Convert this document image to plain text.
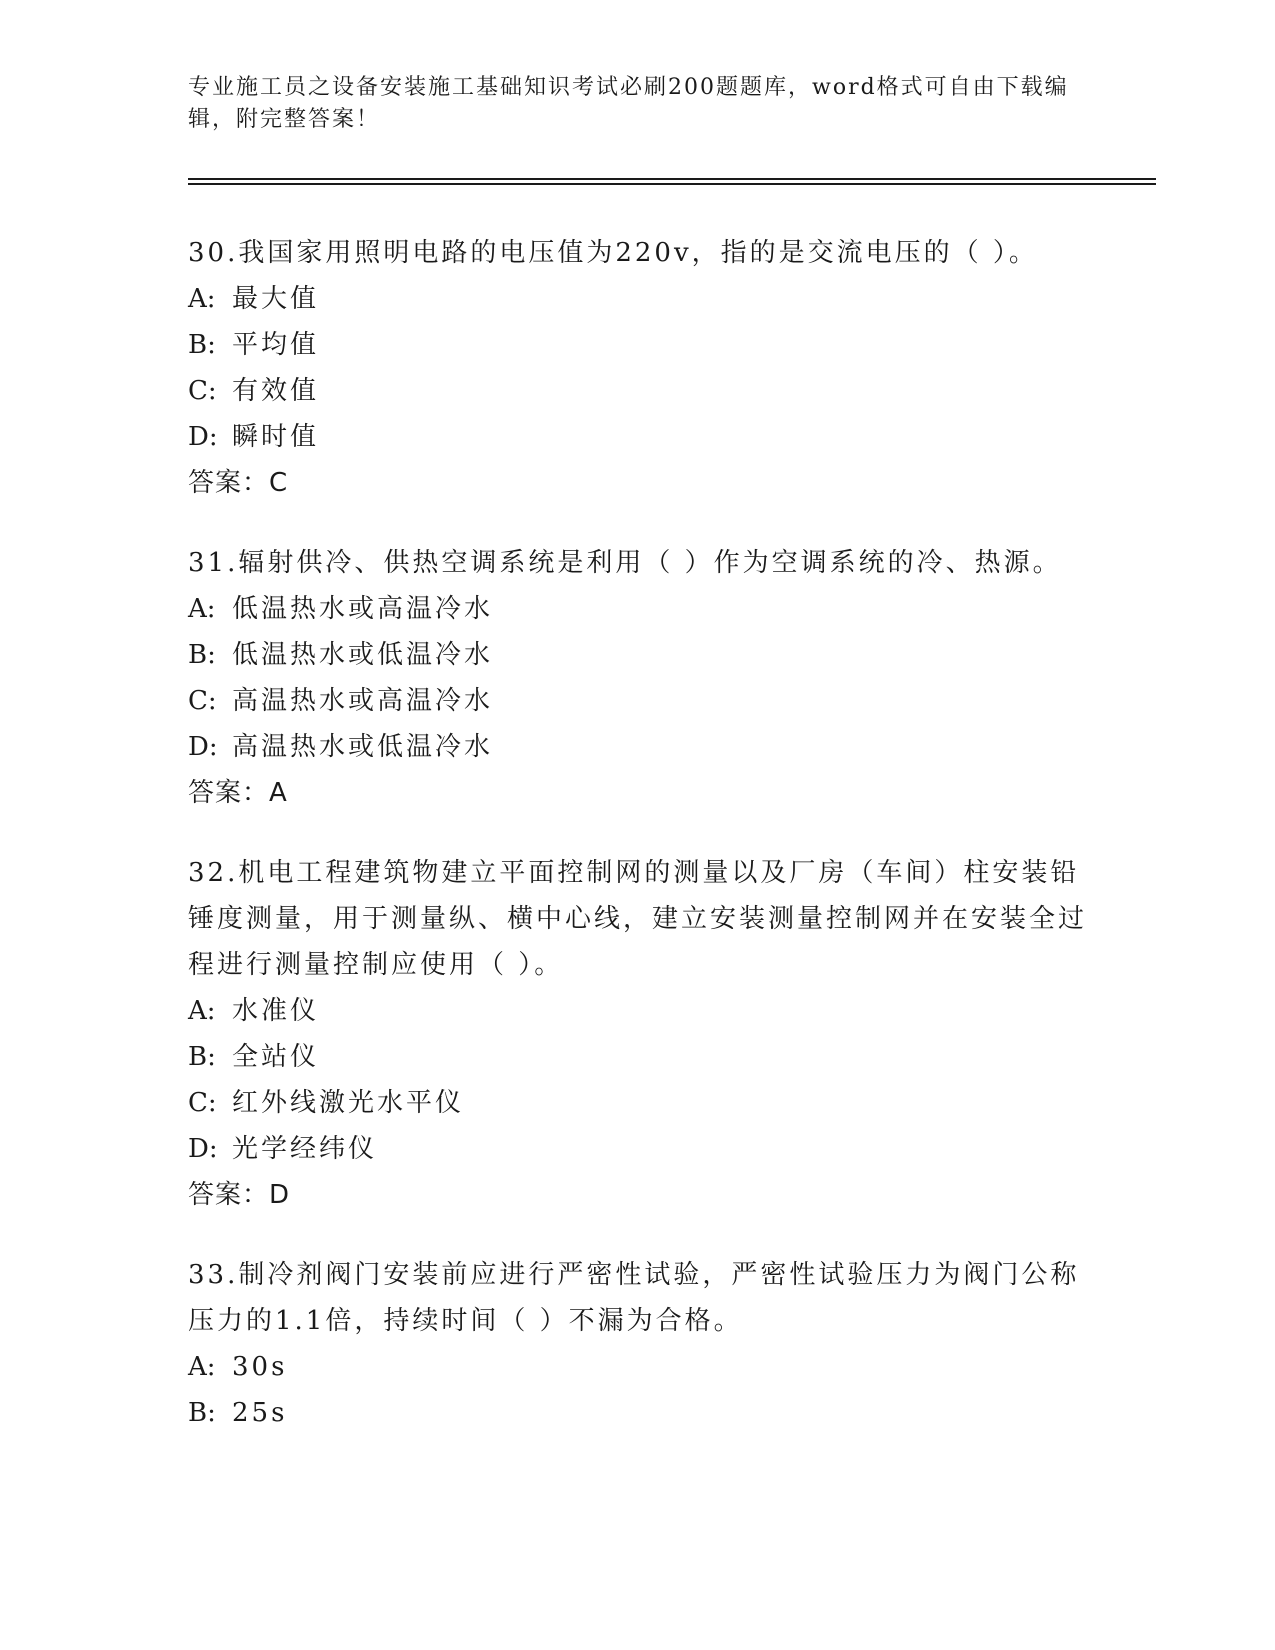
专业施工员之设备安装施工基础知识考试必刷200题题库，word格式可自由下载编辑，附完整答案！
30.我国家用照明电路的电压值为220v，指的是交流电压的（ ）。
A: 最大值
B: 平均值
C: 有效值
D: 瞬时值
答案：C
31.辐射供冷、供热空调系统是利用（ ）作为空调系统的冷、热源。
A: 低温热水或高温冷水
B: 低温热水或低温冷水
C: 高温热水或高温冷水
D: 高温热水或低温冷水
答案：A
32.机电工程建筑物建立平面控制网的测量以及厂房（车间）柱安装铅锤度测量，用于测量纵、横中心线，建立安装测量控制网并在安装全过程进行测量控制应使用（ ）。
A: 水准仪
B: 全站仪
C: 红外线激光水平仪
D: 光学经纬仪
答案：D
33.制冷剂阀门安装前应进行严密性试验，严密性试验压力为阀门公称压力的1.1倍，持续时间（ ）不漏为合格。
A: 30s
B: 25s
